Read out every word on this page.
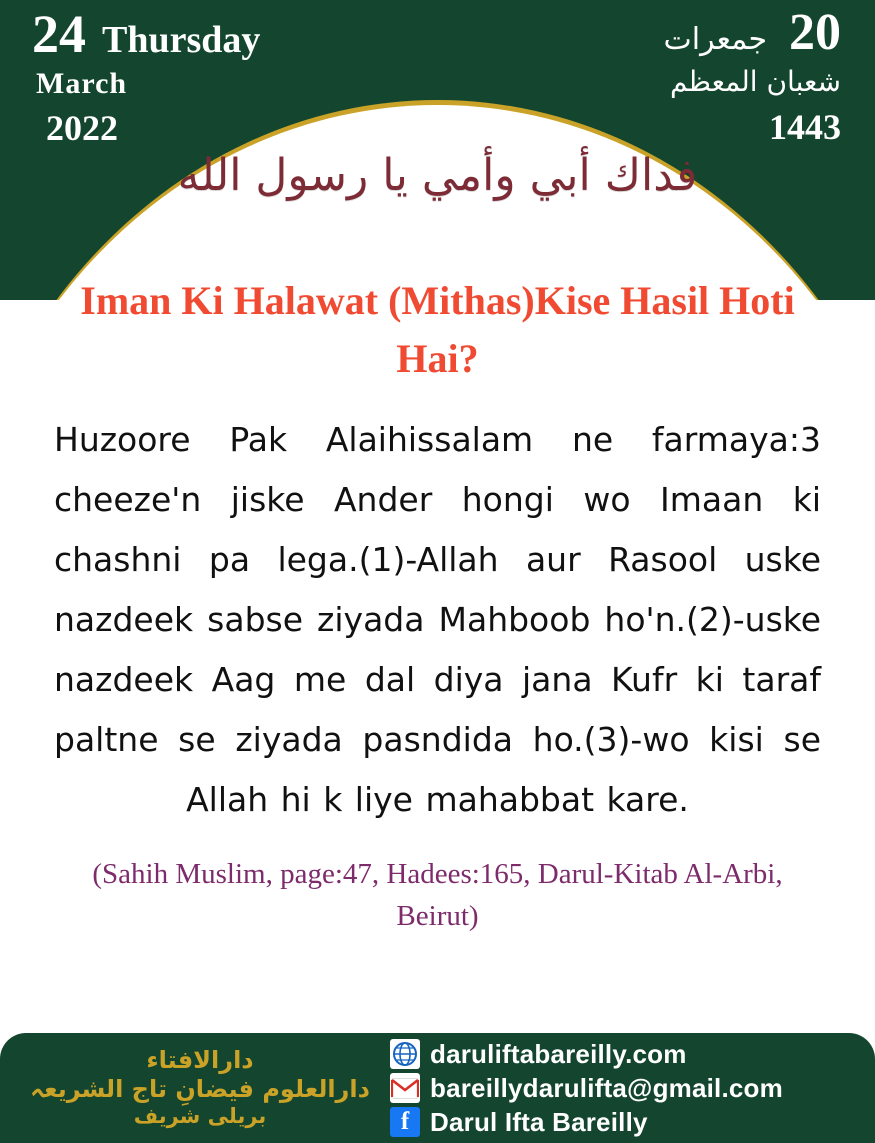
24 Thursday
March
2022
جمعرات 20
شعبان المعظم
1443
فداك أبي وأمي يا رسول الله
Iman Ki Halawat (Mithas)Kise Hasil Hoti Hai?
Huzoore Pak Alaihissalam ne farmaya:3 cheeze'n jiske Ander hongi wo Imaan ki chashni pa lega.(1)-Allah aur Rasool uske nazdeek sabse ziyada Mahboob ho'n.(2)-uske nazdeek Aag me dal diya jana Kufr ki taraf paltne se ziyada pasndida ho.(3)-wo kisi se Allah hi k liye mahabbat kare.
(Sahih Muslim, page:47, Hadees:165, Darul-Kitab Al-Arbi, Beirut)
دارالافتاء
دارالعلوم فیضانِ تاج الشریعہ
بریلی شریف
daruliftabareilly.com
bareillydarulifta@gmail.com
f Darul Ifta Bareilly
